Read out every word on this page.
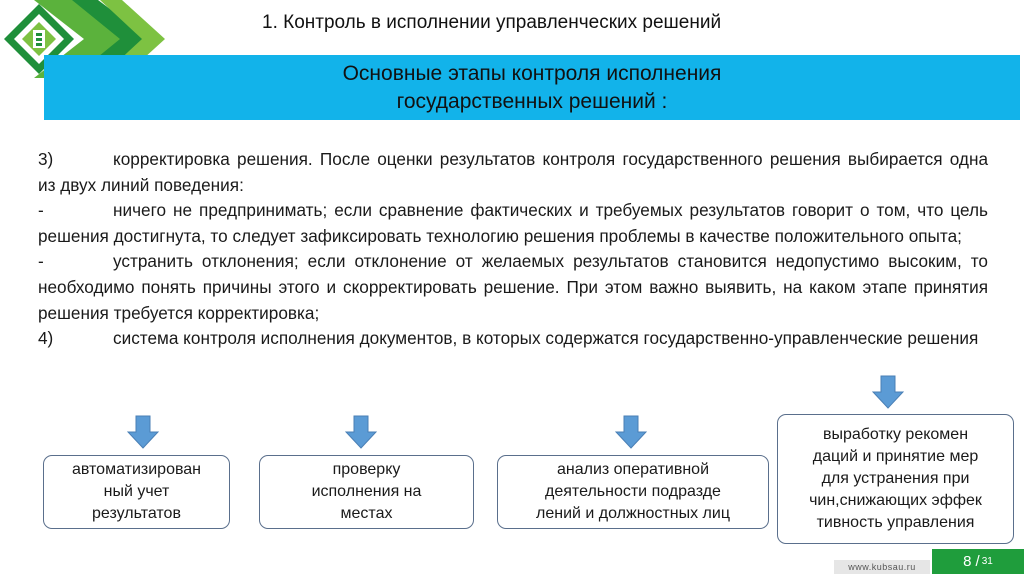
1. Контроль в исполнении управленческих решений
Основные этапы контроля исполнения
государственных решений :
3)	корректировка решения. После оценки результатов контроля государственного решения выбирается одна из двух линий поведения:
-	ничего не предпринимать; если сравнение фактических и требуемых результатов говорит о том, что цель решения достигнута, то следует зафиксировать технологию решения проблемы в качестве положительного опыта;
-	устранить отклонения; если отклонение от желаемых результатов становится недопустимо высоким, то необходимо понять причины этого и скорректировать решение. При этом важно выявить, на каком этапе принятия решения требуется корректировка;
4)	система контроля исполнения документов, в которых содержатся государственно-управленческие решения
автоматизирован
ный учет
результатов
проверку
исполнения на
местах
анализ оперативной
деятельности подразде
лений и должностных лиц
выработку рекомен
даций и принятие мер
для устранения при
чин,снижающих эффек
тивность управления
www.kubsau.ru	8 / 31
